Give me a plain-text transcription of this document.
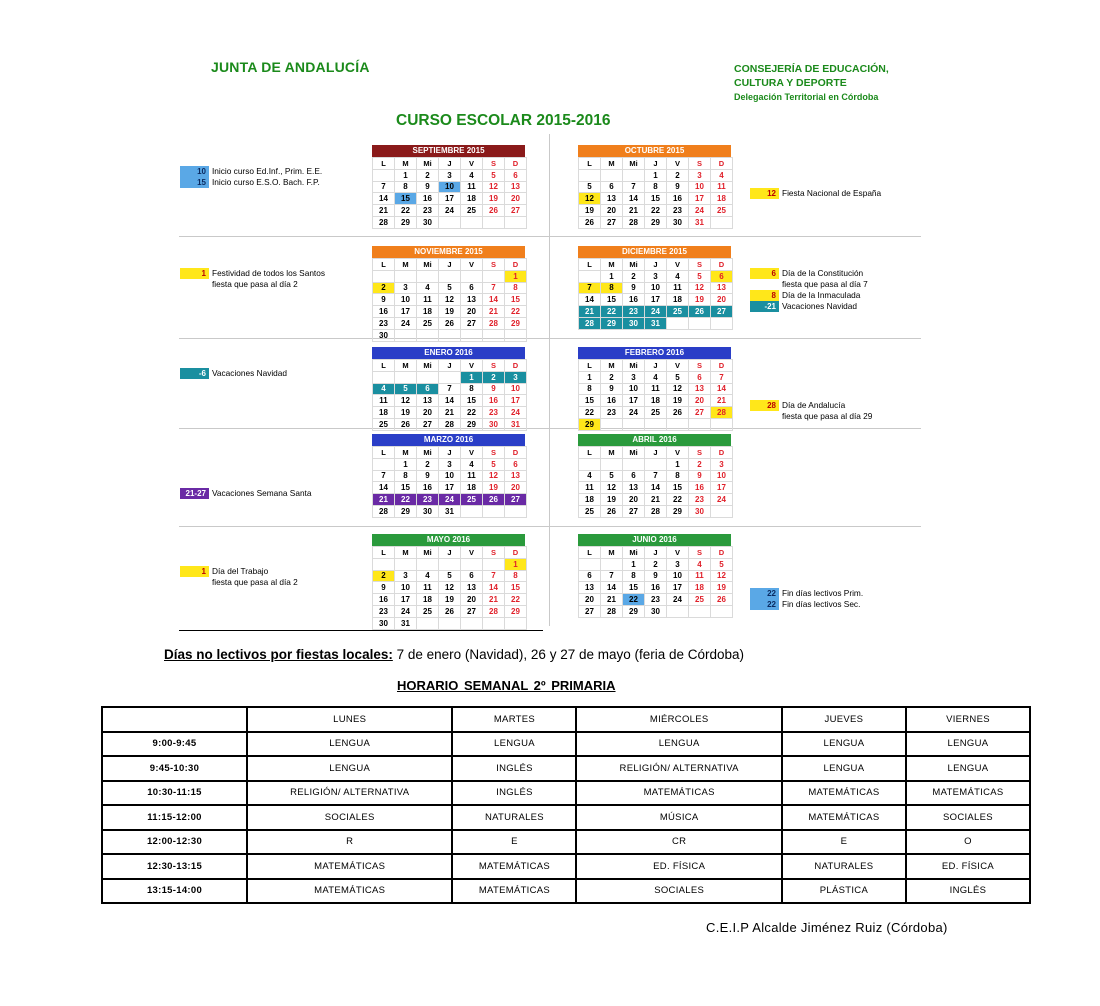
JUNTA DE ANDALUCÍA	CONSEJERÍA DE EDUCACIÓN,
CULTURA Y DEPORTE
Delegación Territorial en Córdoba
CURSO ESCOLAR 2015-2016
SEPTIEMBRE 2015
L	M	Mi	J	V	S	D
	1	2	3	4	5	6
7	8	9	10	11	12	13
14	15	16	17	18	19	20
21	22	23	24	25	26	27
28	29	30				
OCTUBRE 2015
L	M	Mi	J	V	S	D
			1	2	3	4
5	6	7	8	9	10	11
12	13	14	15	16	17	18
19	20	21	22	23	24	25
26	27	28	29	30	31	
NOVIEMBRE 2015
L	M	Mi	J	V	S	D
						1
2	3	4	5	6	7	8
9	10	11	12	13	14	15
16	17	18	19	20	21	22
23	24	25	26	27	28	29
30						
DICIEMBRE 2015
L	M	Mi	J	V	S	D
	1	2	3	4	5	6
7	8	9	10	11	12	13
14	15	16	17	18	19	20
21	22	23	24	25	26	27
28	29	30	31			
ENERO 2016
L	M	Mi	J	V	S	D
				1	2	3
4	5	6	7	8	9	10
11	12	13	14	15	16	17
18	19	20	21	22	23	24
25	26	27	28	29	30	31
FEBRERO 2016
L	M	Mi	J	V	S	D
1	2	3	4	5	6	7
8	9	10	11	12	13	14
15	16	17	18	19	20	21
22	23	24	25	26	27	28
29						
MARZO 2016
L	M	Mi	J	V	S	D
	1	2	3	4	5	6
7	8	9	10	11	12	13
14	15	16	17	18	19	20
21	22	23	24	25	26	27
28	29	30	31			
ABRIL 2016
L	M	Mi	J	V	S	D
				1	2	3
4	5	6	7	8	9	10
11	12	13	14	15	16	17
18	19	20	21	22	23	24
25	26	27	28	29	30	
MAYO 2016
L	M	Mi	J	V	S	D
						1
2	3	4	5	6	7	8
9	10	11	12	13	14	15
16	17	18	19	20	21	22
23	24	25	26	27	28	29
30	31					
JUNIO 2016
L	M	Mi	J	V	S	D
		1	2	3	4	5
6	7	8	9	10	11	12
13	14	15	16	17	18	19
20	21	22	23	24	25	26
27	28	29	30			
10 Inicio curso Ed.Inf., Prim. E.E.
15 Inicio curso E.S.O. Bach. F.P.
12 Fiesta Nacional de España
1 Festividad de todos los Santos
fiesta que pasa al día 2
6 Día de la Constitución
fiesta que pasa al día 7
8 Día de la Inmaculada
-21 Vacaciones Navidad
-6 Vacaciones Navidad
28 Día de Andalucía
fiesta que pasa al día 29
21-27 Vacaciones Semana Santa
1 Día del Trabajo
fiesta que pasa al día 2
22 Fin días lectivos Prim.
22 Fin días lectivos Sec.
Días no lectivos por fiestas locales: 7 de enero (Navidad), 26 y 27 de mayo (feria de Córdoba)
HORARIO SEMANAL 2º PRIMARIA
	LUNES	MARTES	MIÉRCOLES	JUEVES	VIERNES
9:00-9:45	LENGUA	LENGUA	LENGUA	LENGUA	LENGUA
9:45-10:30	LENGUA	INGLÉS	RELIGIÓN/ ALTERNATIVA	LENGUA	LENGUA
10:30-11:15	RELIGIÓN/ ALTERNATIVA	INGLÉS	MATEMÁTICAS	MATEMÁTICAS	MATEMÁTICAS
11:15-12:00	SOCIALES	NATURALES	MÚSICA	MATEMÁTICAS	SOCIALES
12:00-12:30	R	E	CR	E	O
12:30-13:15	MATEMÁTICAS	MATEMÁTICAS	ED. FÍSICA	NATURALES	ED. FÍSICA
13:15-14:00	MATEMÁTICAS	MATEMÁTICAS	SOCIALES	PLÁSTICA	INGLÉS
C.E.I.P Alcalde Jiménez Ruiz (Córdoba)
